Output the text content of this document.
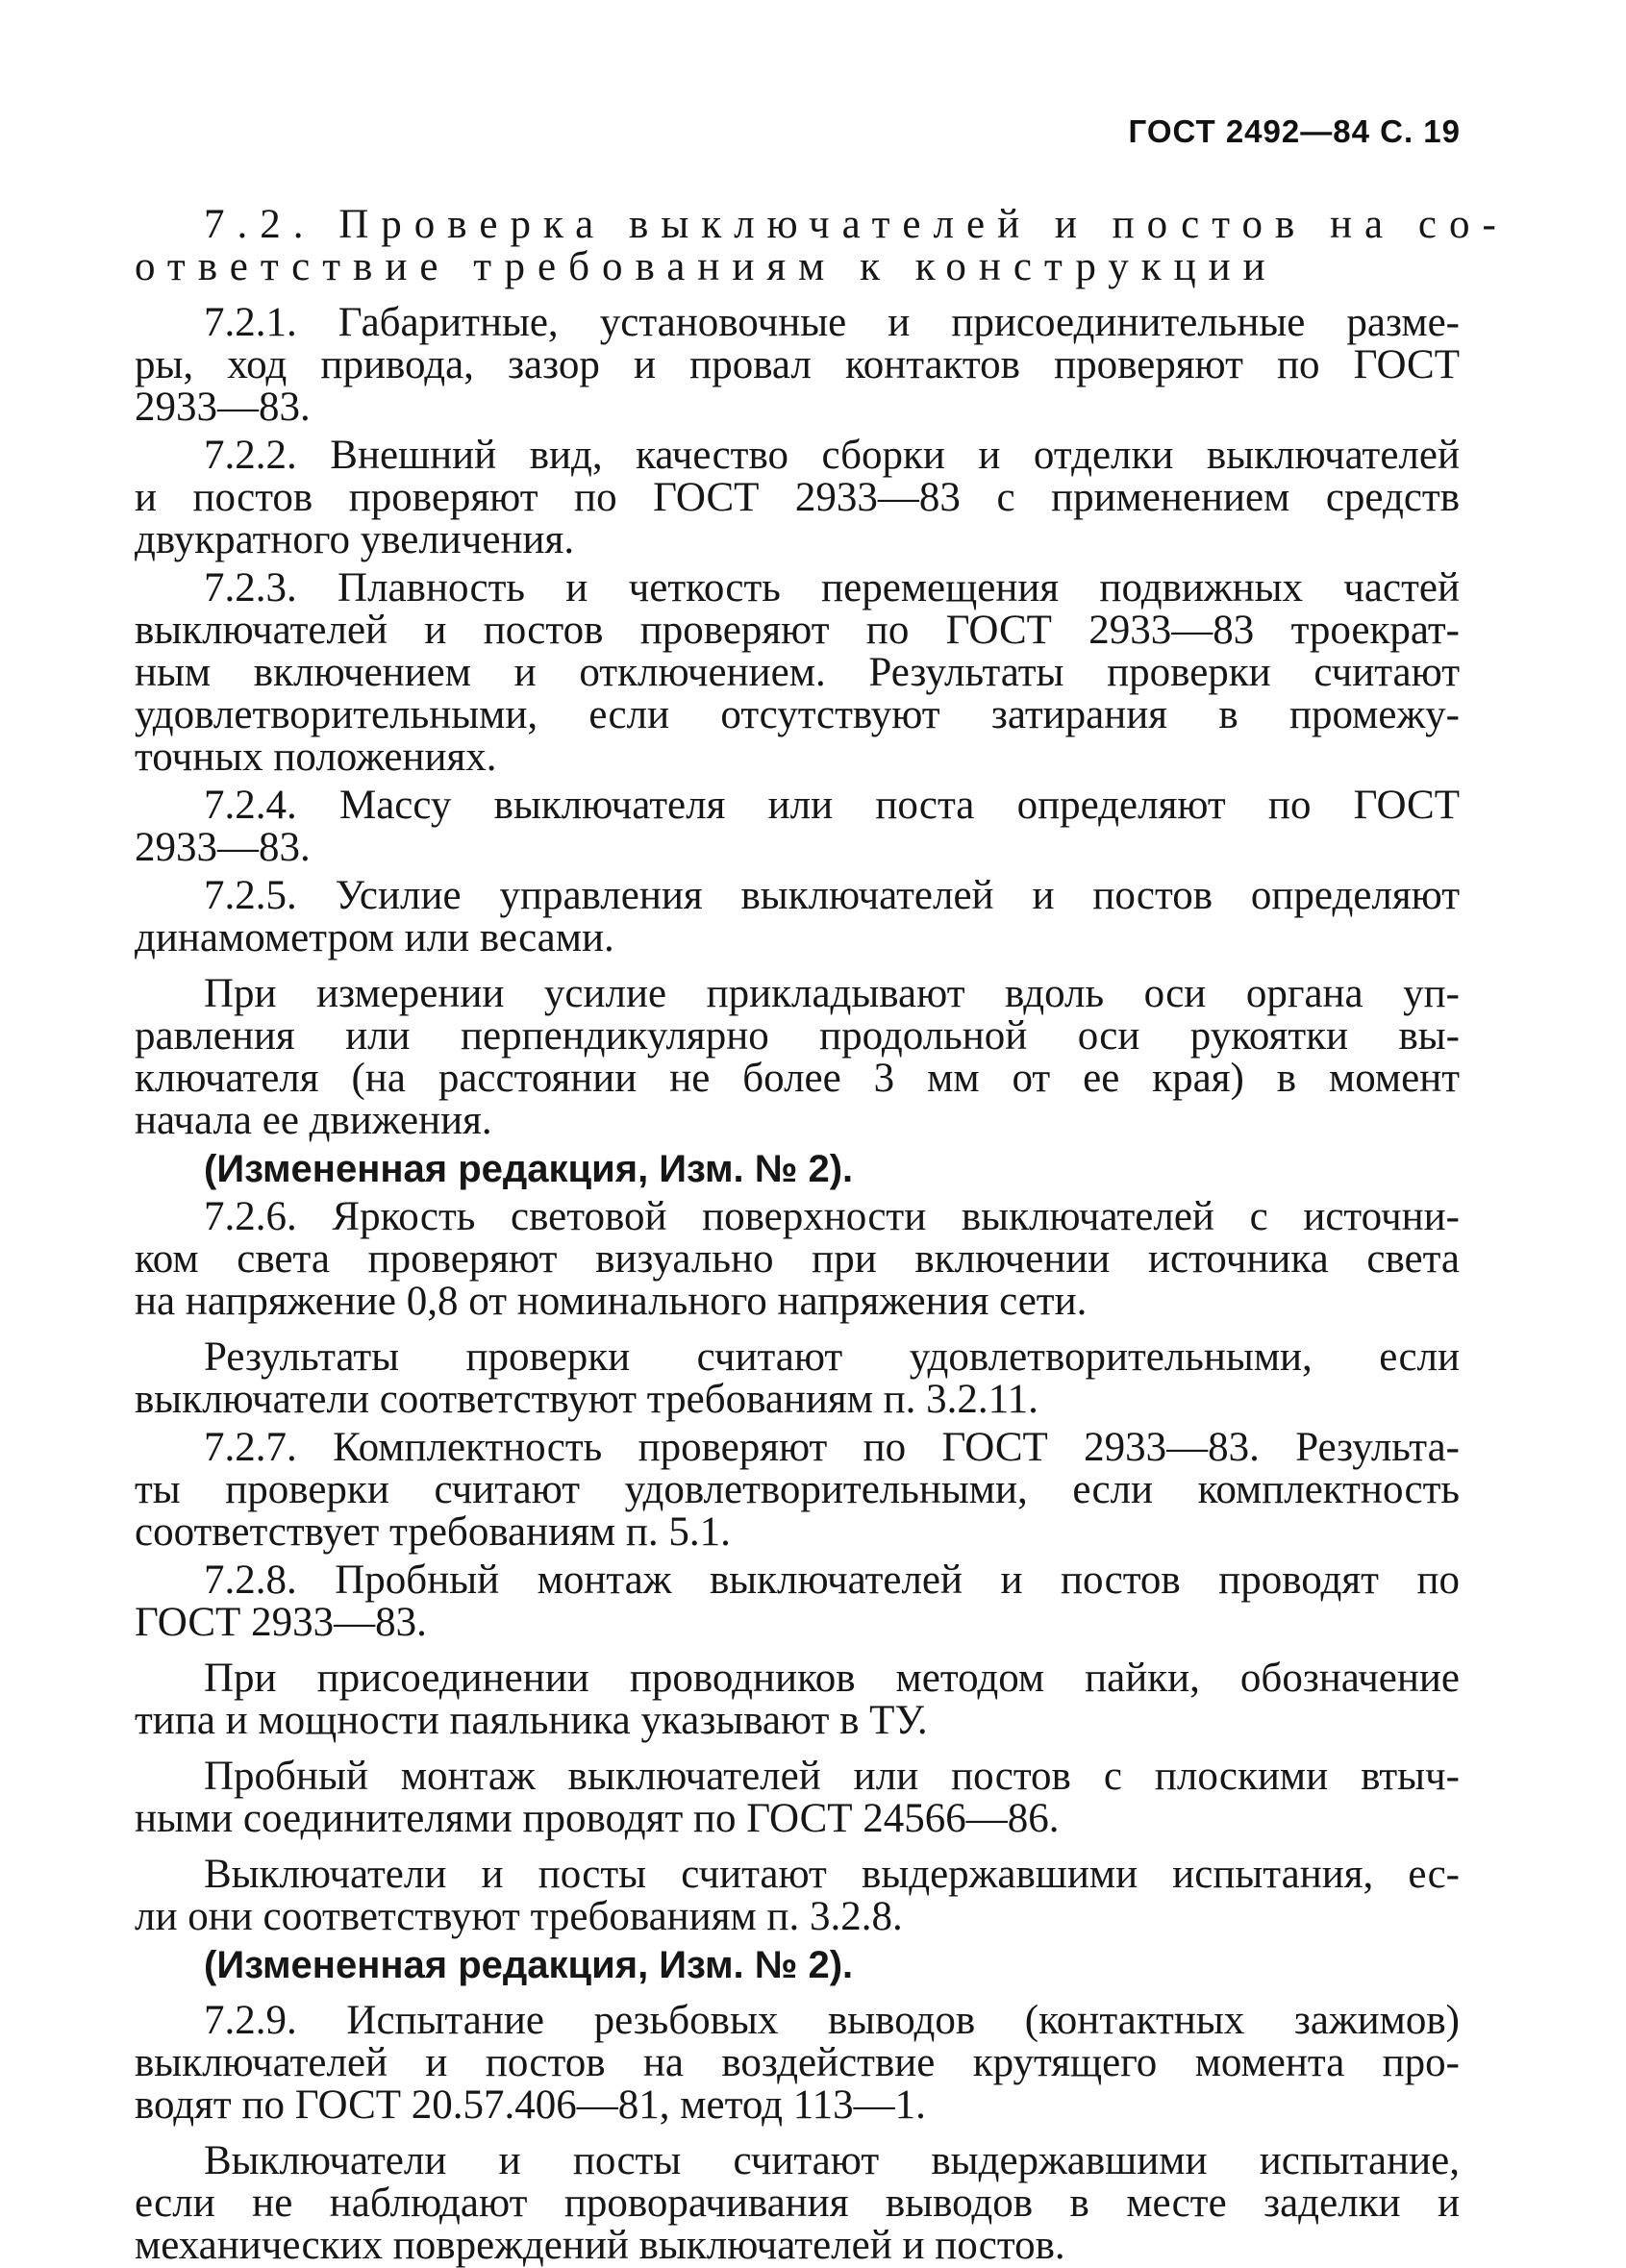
ГОСТ 2492—84 С. 19
7.2. Проверка выключателей и постов на со-
ответствие требованиям к конструкции
7.2.1. Габаритные, установочные и присоединительные разме-
ры, ход привода, зазор и провал контактов проверяют по ГОСТ
2933—83.
7.2.2. Внешний вид, качество сборки и отделки выключателей
и постов проверяют по ГОСТ 2933—83 с применением средств
двукратного увеличения.
7.2.3. Плавность и четкость перемещения подвижных частей
выключателей и постов проверяют по ГОСТ 2933—83 троекрат-
ным включением и отключением. Результаты проверки считают
удовлетворительными, если отсутствуют затирания в промежу-
точных положениях.
7.2.4. Массу выключателя или поста определяют по ГОСТ
2933—83.
7.2.5. Усилие управления выключателей и постов определяют
динамометром или весами.
При измерении усилие прикладывают вдоль оси органа уп-
равления или перпендикулярно продольной оси рукоятки вы-
ключателя (на расстоянии не более 3 мм от ее края) в момент
начала ее движения.
(Измененная редакция, Изм. № 2).
7.2.6. Яркость световой поверхности выключателей с источни-
ком света проверяют визуально при включении источника света
на напряжение 0,8 от номинального напряжения сети.
Результаты проверки считают удовлетворительными, если
выключатели соответствуют требованиям п. 3.2.11.
7.2.7. Комплектность проверяют по ГОСТ 2933—83. Результа-
ты проверки считают удовлетворительными, если комплектность
соответствует требованиям п. 5.1.
7.2.8. Пробный монтаж выключателей и постов проводят по
ГОСТ 2933—83.
При присоединении проводников методом пайки, обозначение
типа и мощности паяльника указывают в ТУ.
Пробный монтаж выключателей или постов с плоскими втыч-
ными соединителями проводят по ГОСТ 24566—86.
Выключатели и посты считают выдержавшими испытания, ес-
ли они соответствуют требованиям п. 3.2.8.
(Измененная редакция, Изм. № 2).
7.2.9. Испытание резьбовых выводов (контактных зажимов)
выключателей и постов на воздействие крутящего момента про-
водят по ГОСТ 20.57.406—81, метод 113—1.
Выключатели и посты считают выдержавшими испытание,
если не наблюдают проворачивания выводов в месте заделки и
механических повреждений выключателей и постов.
